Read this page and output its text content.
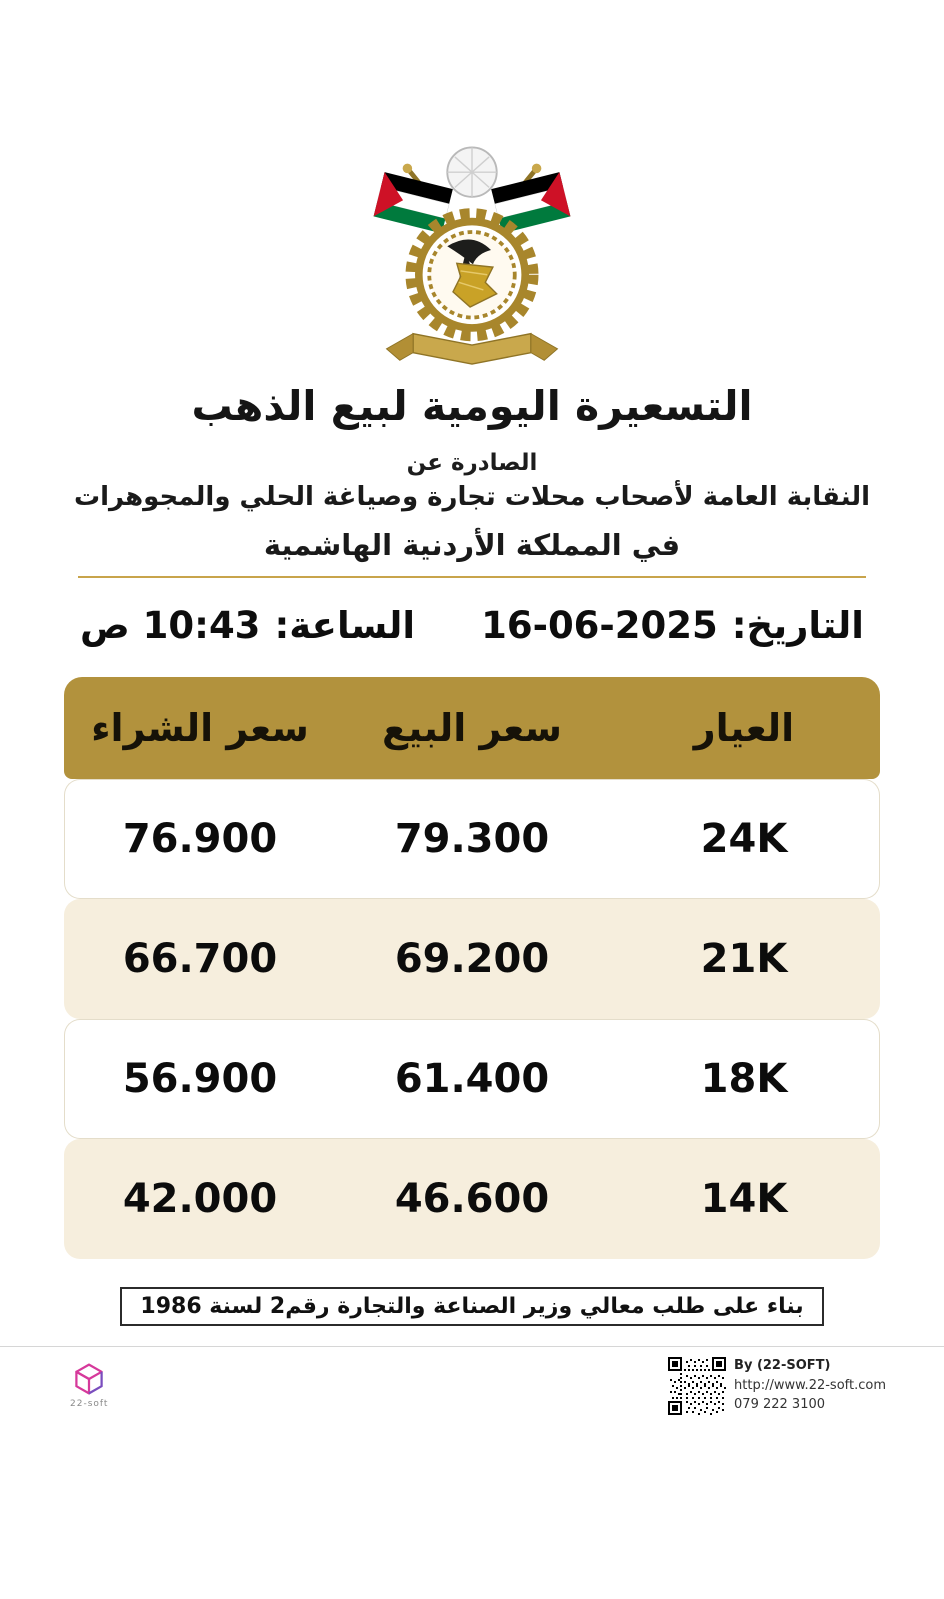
التسعيرة اليومية لبيع الذهب
الصادرة عن
النقابة العامة لأصحاب محلات تجارة وصياغة الحلي والمجوهرات
في المملكة الأردنية الهاشمية
التاريخ:
16-06-2025
الساعة:
10:43 ص
العيار
سعر البيع
سعر الشراء
24K
79.300
76.900
21K
69.200
66.700
18K
61.400
56.900
14K
46.600
42.000
بناء على طلب معالي وزير الصناعة والتجارة رقم2 لسنة 1986
22-soft
By (22-SOFT)
http://www.22-soft.com
079 222 3100
